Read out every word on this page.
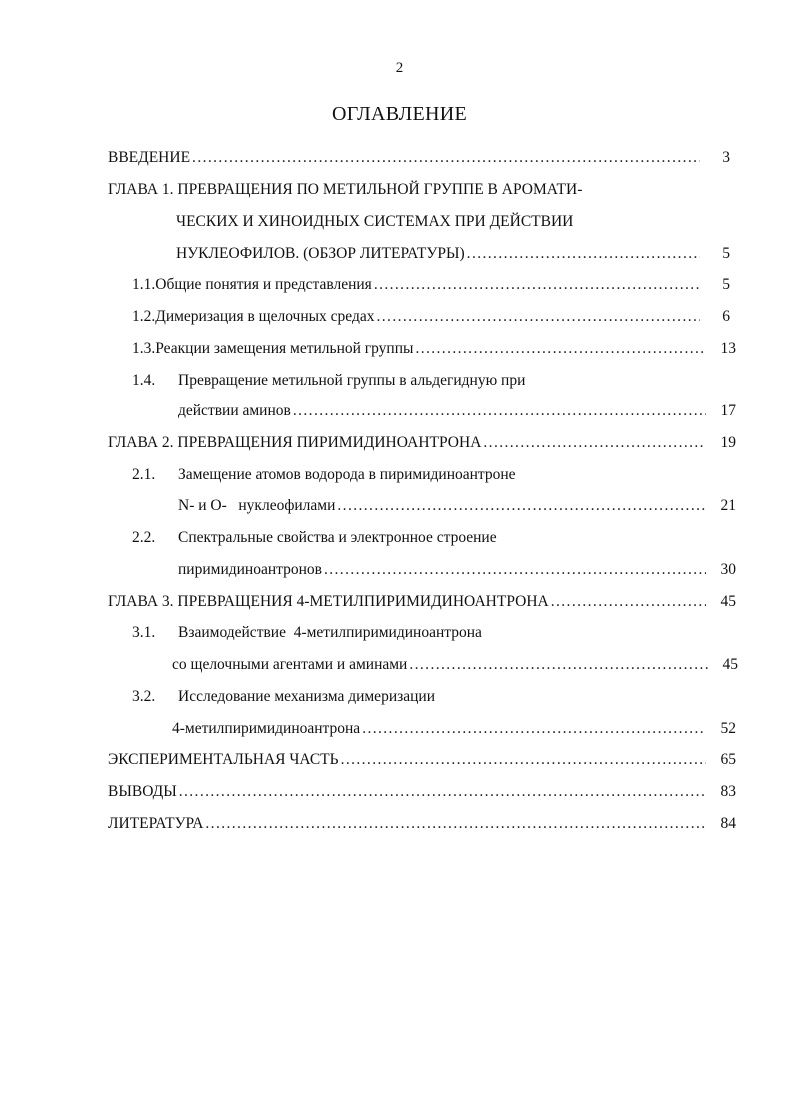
2
ОГЛАВЛЕНИЕ
ВВЕДЕНИЕ .....	3
ГЛАВА 1. ПРЕВРАЩЕНИЯ ПО МЕТИЛЬНОЙ ГРУППЕ В АРОМАТИ-
ЧЕСКИХ И ХИНОИДНЫХ СИСТЕМАХ ПРИ ДЕЙСТВИИ
НУКЛЕОФИЛОВ. (ОБЗОР ЛИТЕРАТУРЫ) .....	5
1.1. Общие понятия и представления .....	5
1.2. Димеризация в щелочных средах .....	6
1.3. Реакции замещения метильной группы .....	13
1.4. Превращение метильной группы в альдегидную при
действии аминов .....	17
ГЛАВА 2. ПРЕВРАЩЕНИЯ ПИРИМИДИНОАНТРОНА .....	19
2.1. Замещение атомов водорода в пиримидиноантроне
N- и О-   нуклеофилами .....	21
2.2. Спектральные свойства и электронное строение
пиримидиноантронов .....	30
ГЛАВА 3. ПРЕВРАЩЕНИЯ 4-МЕТИЛПИРИМИДИНОАНТРОНА .....	45
3.1. Взаимодействие  4-метилпиримидиноантрона
со щелочными агентами и аминами .....	45
3.2. Исследование механизма димеризации
4-метилпиримидиноантрона .....	52
ЭКСПЕРИМЕНТАЛЬНАЯ ЧАСТЬ .....	65
ВЫВОДЫ .....	83
ЛИТЕРАТУРА .....	84
